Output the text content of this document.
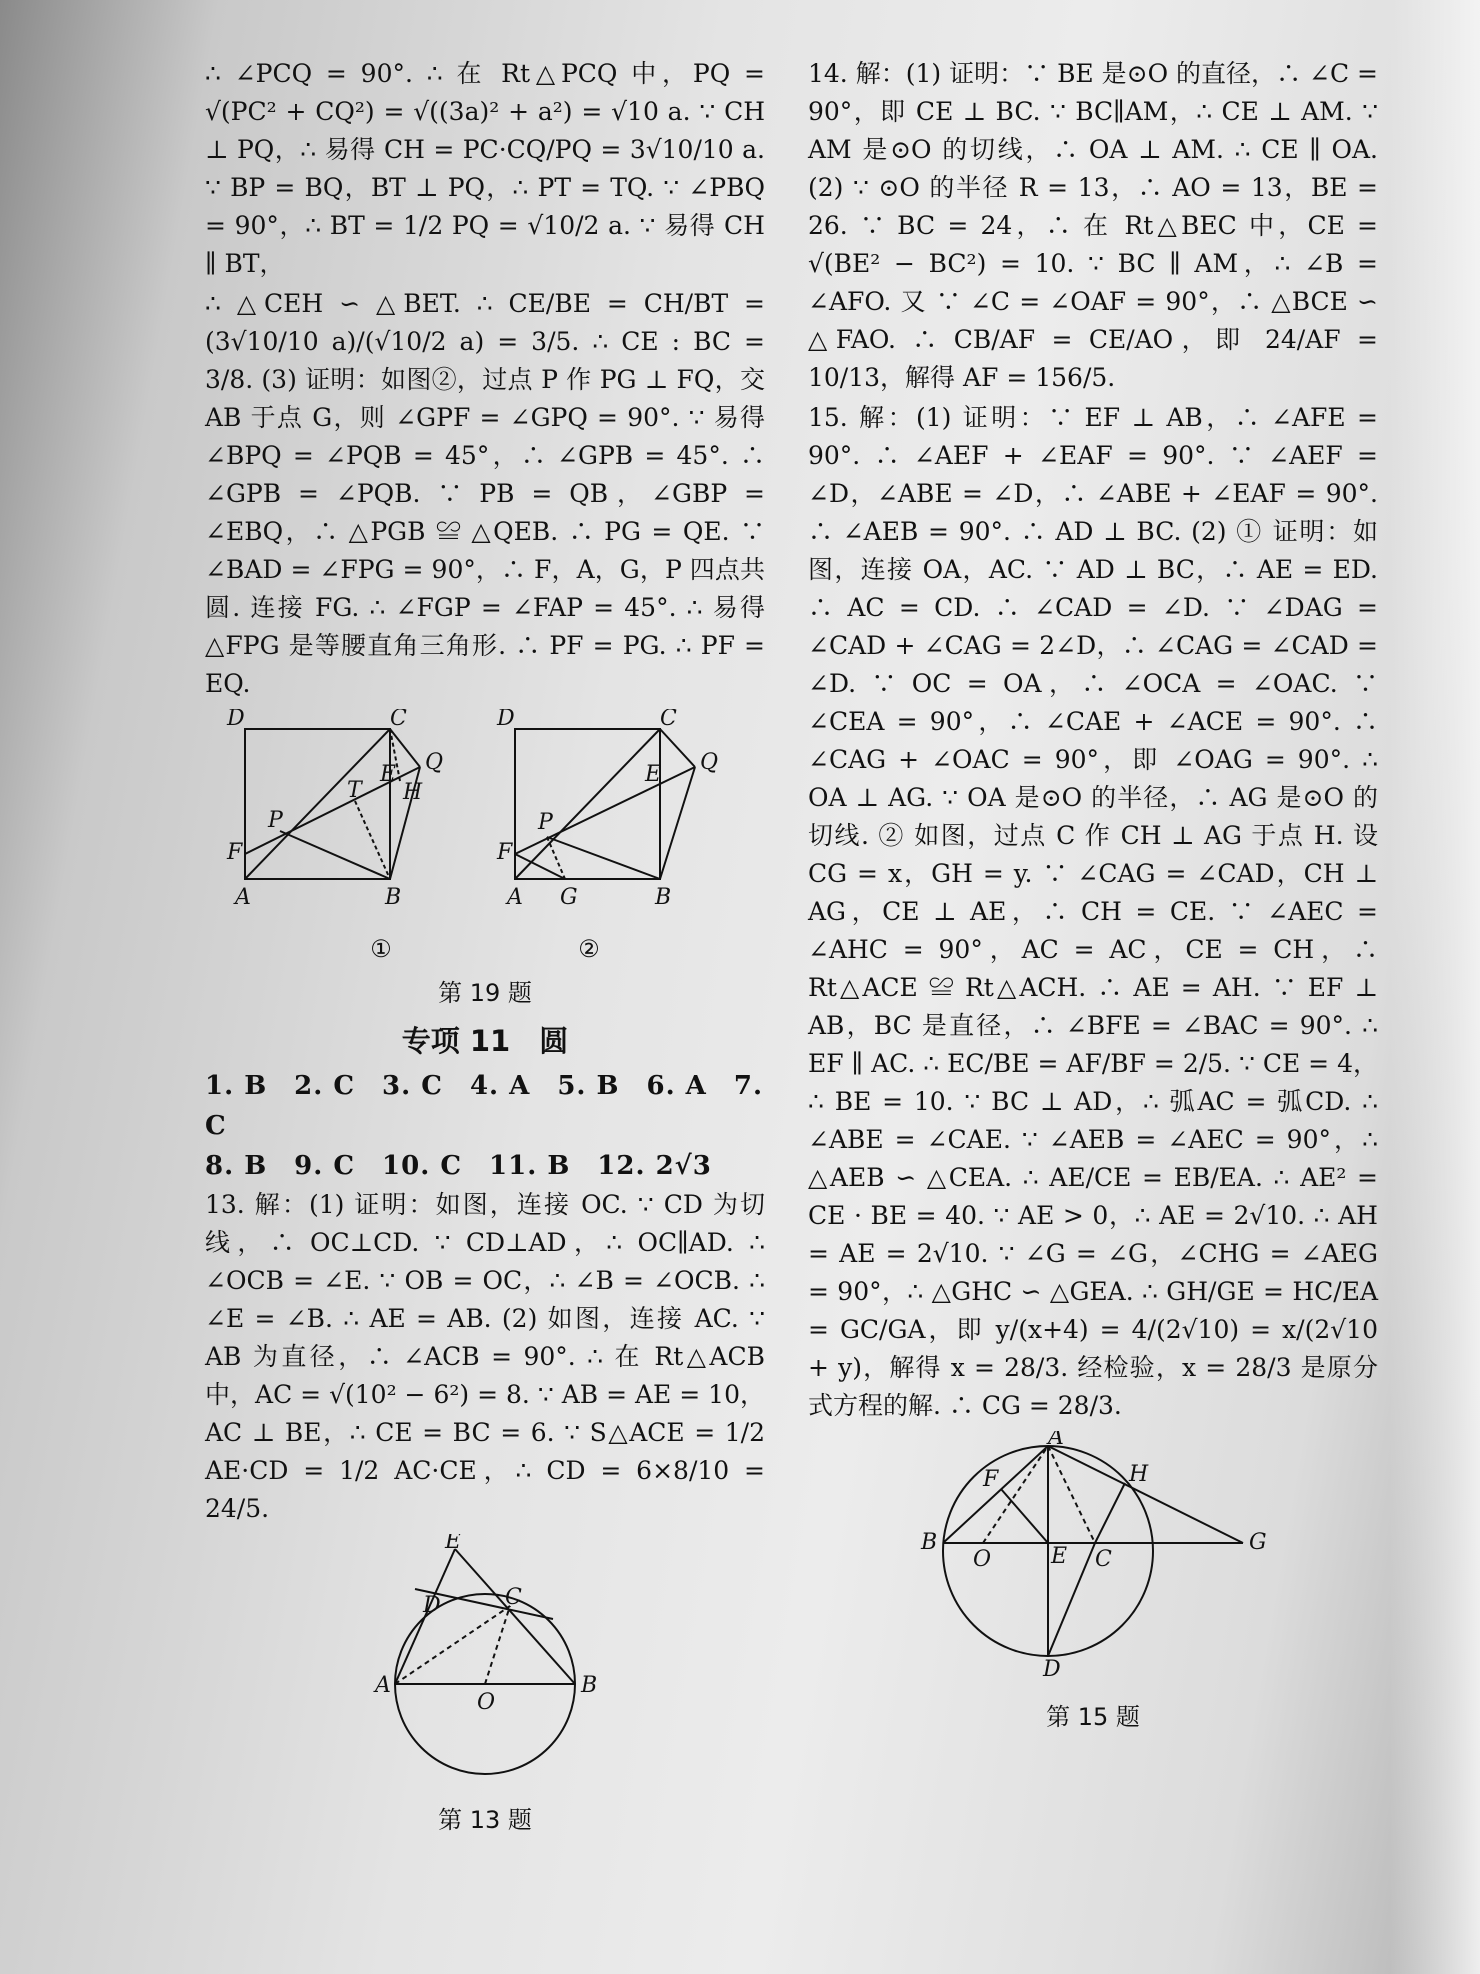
∴ ∠PCQ = 90°. ∴ 在 Rt△PCQ 中，PQ = √(PC² + CQ²) = √((3a)² + a²) = √10 a. ∵ CH ⊥ PQ，∴ 易得 CH = PC·CQ/PQ = 3√10/10 a. ∵ BP = BQ，BT ⊥ PQ，∴ PT = TQ. ∵ ∠PBQ = 90°，∴ BT = 1/2 PQ = √10/2 a. ∵ 易得 CH ∥ BT，

∴ △CEH ∽ △BET. ∴ CE/BE = CH/BT = (3√10/10 a)/(√10/2 a) = 3/5. ∴ CE : BC = 3/8. (3) 证明：如图②，过点 P 作 PG ⊥ FQ，交 AB 于点 G，则 ∠GPF = ∠GPQ = 90°. ∵ 易得 ∠BPQ = ∠PQB = 45°，∴ ∠GPB = 45°. ∴ ∠GPB = ∠PQB. ∵ PB = QB，∠GBP = ∠EBQ，∴ △PGB ≌ △QEB. ∴ PG = QE. ∵ ∠BAD = ∠FPG = 90°，∴ F，A，G，P 四点共圆. 连接 FG. ∴ ∠FGP = ∠FAP = 45°. ∴ 易得 △FPG 是等腰直角三角形. ∴ PF = PG. ∴ PF = EQ.

D	C
Q
E
H
T
P
F
A	B
D	C
Q
E
P
F
A G	B
①	②
第 19 题
专项 11　圆
1. B　2. C　3. C　4. A　5. B　6. A　7. C
8. B　9. C　10. C　11. B　12. 2√3

13. 解：(1) 证明：如图，连接 OC. ∵ CD 为切线，∴ OC⊥CD. ∵ CD⊥AD，∴ OC∥AD. ∴ ∠OCB = ∠E. ∵ OB = OC，∴ ∠B = ∠OCB. ∴ ∠E = ∠B. ∴ AE = AB. (2) 如图，连接 AC. ∵ AB 为直径，∴ ∠ACB = 90°. ∴ 在 Rt△ACB 中，AC = √(10² − 6²) = 8. ∵ AB = AE = 10，AC ⊥ BE，∴ CE = BC = 6. ∵ S△ACE = 1/2 AE·CD = 1/2 AC·CE，∴ CD = 6×8/10 = 24/5.

E
D	C
A
O
B
第 13 题

14. 解：(1) 证明：∵ BE 是⊙O 的直径，∴ ∠C = 90°，即 CE ⊥ BC. ∵ BC∥AM，∴ CE ⊥ AM. ∵ AM 是⊙O 的切线，∴ OA ⊥ AM. ∴ CE ∥ OA. (2) ∵ ⊙O 的半径 R = 13，∴ AO = 13，BE = 26. ∵ BC = 24，∴ 在 Rt△BEC 中，CE = √(BE² − BC²) = 10. ∵ BC ∥ AM，∴ ∠B = ∠AFO. 又 ∵ ∠C = ∠OAF = 90°，∴ △BCE ∽ △FAO. ∴ CB/AF = CE/AO，即 24/AF = 10/13，解得 AF = 156/5.

15. 解：(1) 证明：∵ EF ⊥ AB，∴ ∠AFE = 90°. ∴ ∠AEF + ∠EAF = 90°. ∵ ∠AEF = ∠D，∠ABE = ∠D，∴ ∠ABE + ∠EAF = 90°. ∴ ∠AEB = 90°. ∴ AD ⊥ BC. (2) ① 证明：如图，连接 OA，AC. ∵ AD ⊥ BC，∴ AE = ED. ∴ AC = CD. ∴ ∠CAD = ∠D. ∵ ∠DAG = ∠CAD + ∠CAG = 2∠D，∴ ∠CAG = ∠CAD = ∠D. ∵ OC = OA，∴ ∠OCA = ∠OAC. ∵ ∠CEA = 90°，∴ ∠CAE + ∠ACE = 90°. ∴ ∠CAG + ∠OAC = 90°，即 ∠OAG = 90°. ∴ OA ⊥ AG. ∵ OA 是⊙O 的半径，∴ AG 是⊙O 的切线. ② 如图，过点 C 作 CH ⊥ AG 于点 H. 设 CG = x，GH = y. ∵ ∠CAG = ∠CAD，CH ⊥ AG，CE ⊥ AE，∴ CH = CE. ∵ ∠AEC = ∠AHC = 90°，AC = AC，CE = CH，∴ Rt△ACE ≌ Rt△ACH. ∴ AE = AH. ∵ EF ⊥ AB，BC 是直径，∴ ∠BFE = ∠BAC = 90°. ∴ EF ∥ AC. ∴ EC/BE = AF/BF = 2/5. ∵ CE = 4，∴ BE = 10. ∵ BC ⊥ AD，∴ 弧AC = 弧CD. ∴ ∠ABE = ∠CAE. ∵ ∠AEB = ∠AEC = 90°，∴ △AEB ∽ △CEA. ∴ AE/CE = EB/EA. ∴ AE² = CE · BE = 40. ∵ AE > 0，∴ AE = 2√10. ∴ AH = AE = 2√10. ∵ ∠G = ∠G，∠CHG = ∠AEG = 90°，∴ △GHC ∽ △GEA. ∴ GH/GE = HC/EA = GC/GA，即 y/(x+4) = 4/(2√10) = x/(2√10 + y)，解得 x = 28/3. 经检验，x = 28/3 是原分式方程的解. ∴ CG = 28/3.

A
F	H
B
O	E C
G
D
第 15 题
